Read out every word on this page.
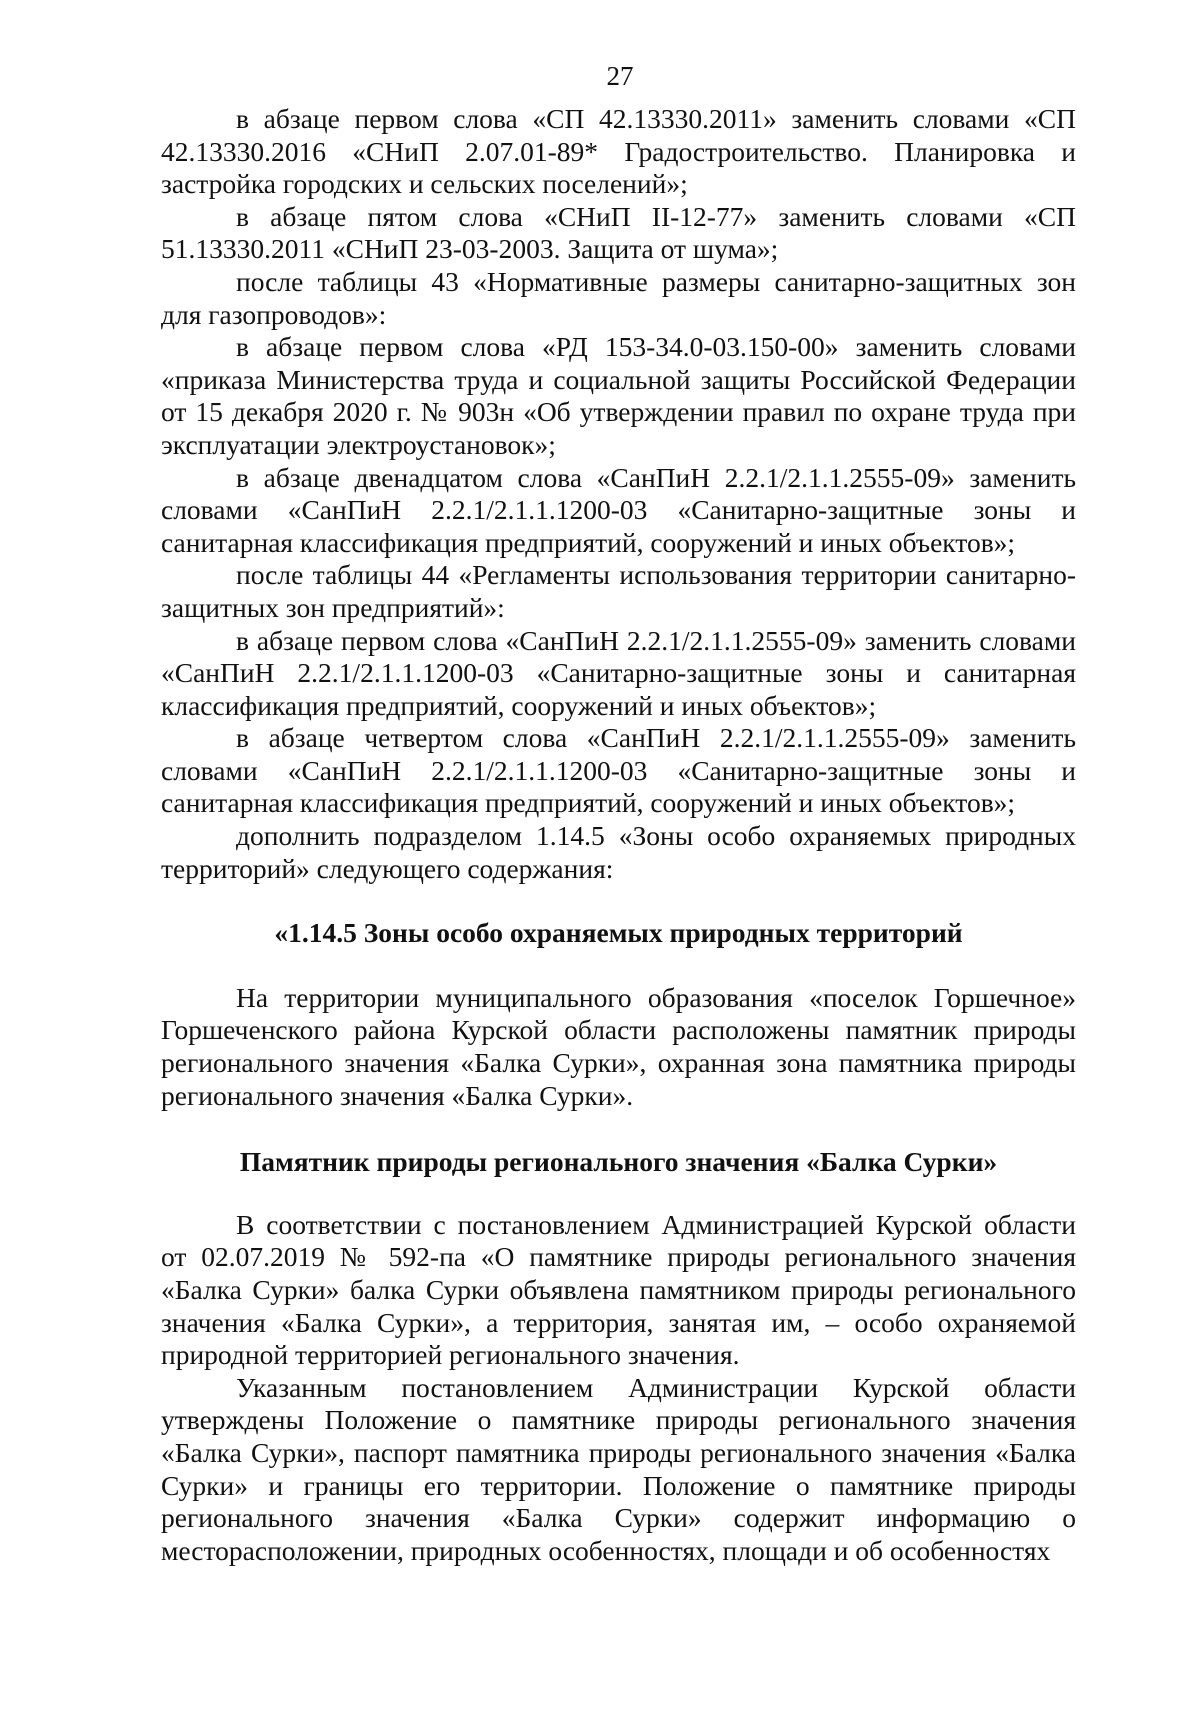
27

в абзаце первом слова «СП 42.13330.2011» заменить словами «СП 42.13330.2016 «СНиП 2.07.01-89* Градостроительство. Планировка и застройка городских и сельских поселений»;

в абзаце пятом слова «СНиП II-12-77» заменить словами «СП 51.13330.2011 «СНиП 23-03-2003. Защита от шума»;

после таблицы 43 «Нормативные размеры санитарно-защитных зон для газопроводов»:

в абзаце первом слова «РД 153-34.0-03.150-00» заменить словами «приказа Министерства труда и социальной защиты Российской Федерации от 15 декабря 2020 г. № 903н «Об утверждении правил по охране труда при эксплуатации электроустановок»;

в абзаце двенадцатом слова «СанПиН 2.2.1/2.1.1.2555-09» заменить словами «СанПиН 2.2.1/2.1.1.1200-03 «Санитарно-защитные зоны и санитарная классификация предприятий, сооружений и иных объектов»;

после таблицы 44 «Регламенты использования территории санитарно-защитных зон предприятий»:

в абзаце первом слова «СанПиН 2.2.1/2.1.1.2555-09» заменить словами «СанПиН 2.2.1/2.1.1.1200-03 «Санитарно-защитные зоны и санитарная классификация предприятий, сооружений и иных объектов»;

в абзаце четвертом слова «СанПиН 2.2.1/2.1.1.2555-09» заменить словами «СанПиН 2.2.1/2.1.1.1200-03 «Санитарно-защитные зоны и санитарная классификация предприятий, сооружений и иных объектов»;

дополнить подразделом 1.14.5 «Зоны особо охраняемых природных территорий» следующего содержания:

«1.14.5 Зоны особо охраняемых природных территорий

На территории муниципального образования «поселок Горшечное» Горшеченского района Курской области расположены памятник природы регионального значения «Балка Сурки», охранная зона памятника природы регионального значения «Балка Сурки».

Памятник природы регионального значения «Балка Сурки»

В соответствии с постановлением Администрацией Курской области от 02.07.2019 № 592-па «О памятнике природы регионального значения «Балка Сурки» балка Сурки объявлена памятником природы регионального значения «Балка Сурки», а территория, занятая им, – особо охраняемой природной территорией регионального значения.

Указанным постановлением Администрации Курской области утверждены Положение о памятнике природы регионального значения «Балка Сурки», паспорт памятника природы регионального значения «Балка Сурки» и границы его территории. Положение о памятнике природы регионального значения «Балка Сурки» содержит информацию о месторасположении, природных особенностях, площади и об особенностях
